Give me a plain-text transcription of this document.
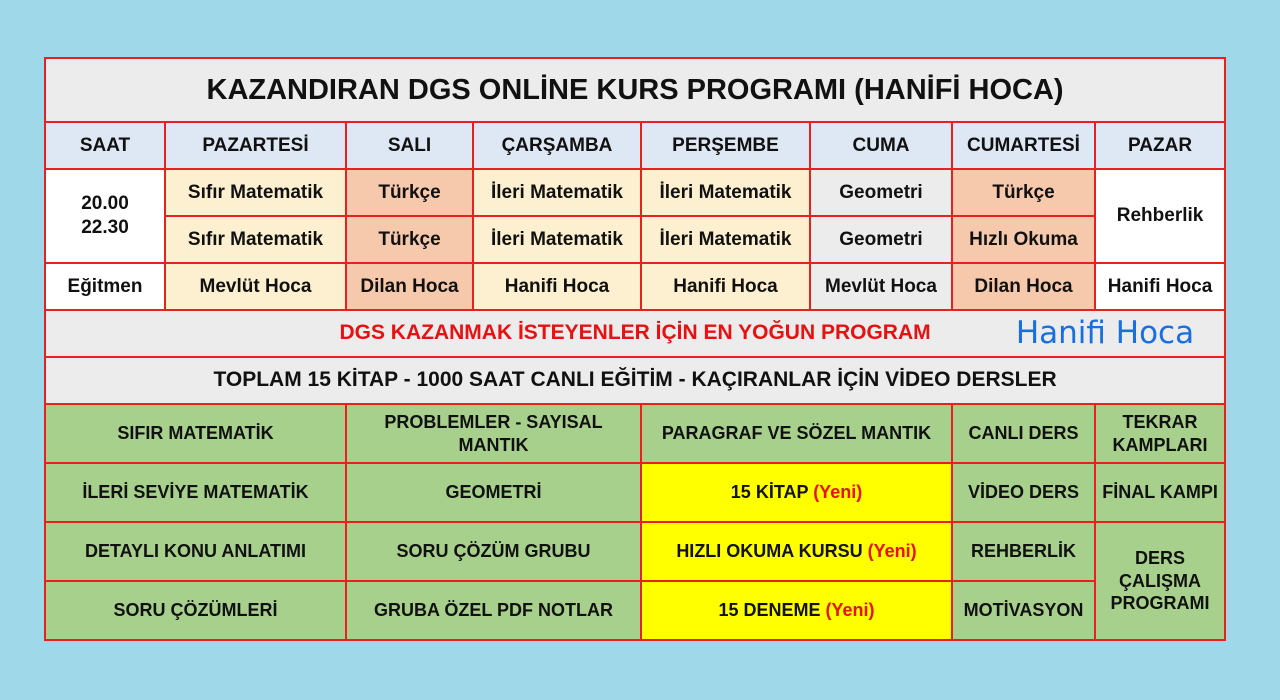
KAZANDIRAN DGS ONLİNE KURS PROGRAMI (HANİFİ HOCA)							
SAAT	PAZARTESİ	SALI	ÇARŞAMBA	PERŞEMBE	CUMA	CUMARTESİ	PAZAR

20.00
22.30	Sıfır Matematik	Türkçe	İleri Matematik	İleri Matematik	Geometri	Türkçe	Rehberlik
	Sıfır Matematik	Türkçe	İleri Matematik	İleri Matematik	Geometri	Hızlı Okuma	
Eğitmen	Mevlüt Hoca	Dilan Hoca	Hanifi Hoca	Hanifi Hoca	Mevlüt Hoca	Dilan Hoca	Hanifi Hoca
DGS KAZANMAK İSTEYENLER İÇİN EN YOĞUN PROGRAM Hanifi Hoca							

TOPLAM 15 KİTAP - 1000 SAAT CANLI EĞİTİM - KAÇIRANLAR İÇİN VİDEO DERSLER							
SIFIR MATEMATİK		PROBLEMLER - SAYISAL MANTIK		PARAGRAF VE SÖZEL MANTIK		CANLI DERS	TEKRAR KAMPLARI
İLERİ SEVİYE MATEMATİK		GEOMETRİ		15 KİTAP (Yeni)		VİDEO DERS	FİNAL KAMPI
DETAYLI KONU ANLATIMI		SORU ÇÖZÜM GRUBU		HIZLI OKUMA KURSU (Yeni)		REHBERLİK	DERS ÇALIŞMA PROGRAMI
SORU ÇÖZÜMLERİ		GRUBA ÖZEL PDF NOTLAR		15 DENEME (Yeni)		MOTİVASYON	
